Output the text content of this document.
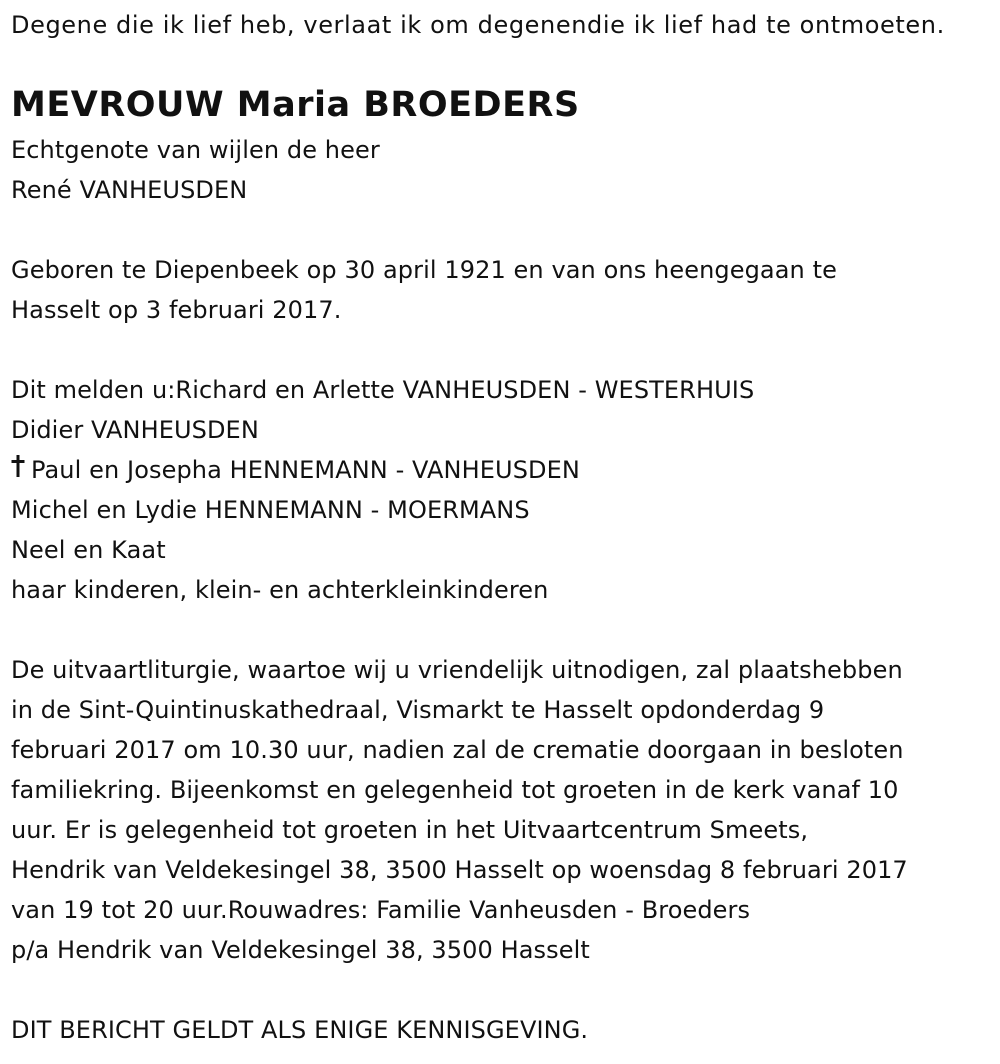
Degene die ik lief heb, verlaat ik om degenendie ik lief had te ontmoeten.
MEVROUW Maria BROEDERS
Echtgenote van wijlen de heer
René VANHEUSDEN
Geboren te Diepenbeek op 30 april 1921 en van ons heengegaan te
Hasselt op 3 februari 2017.
Dit melden u:Richard en Arlette VANHEUSDEN - WESTERHUIS
Didier VANHEUSDEN
Paul en Josepha HENNEMANN - VANHEUSDEN
Michel en Lydie HENNEMANN - MOERMANS
Neel en Kaat
haar kinderen, klein- en achterkleinkinderen
De uitvaartliturgie, waartoe wij u vriendelijk uitnodigen, zal plaatshebben
in de Sint-Quintinuskathedraal, Vismarkt te Hasselt opdonderdag 9
februari 2017 om 10.30 uur, nadien zal de crematie doorgaan in besloten
familiekring. Bijeenkomst en gelegenheid tot groeten in de kerk vanaf 10
uur. Er is gelegenheid tot groeten in het Uitvaartcentrum Smeets,
Hendrik van Veldekesingel 38, 3500 Hasselt op woensdag 8 februari 2017
van 19 tot 20 uur.Rouwadres: Familie Vanheusden - Broeders
p/a Hendrik van Veldekesingel 38, 3500 Hasselt
DIT BERICHT GELDT ALS ENIGE KENNISGEVING.
